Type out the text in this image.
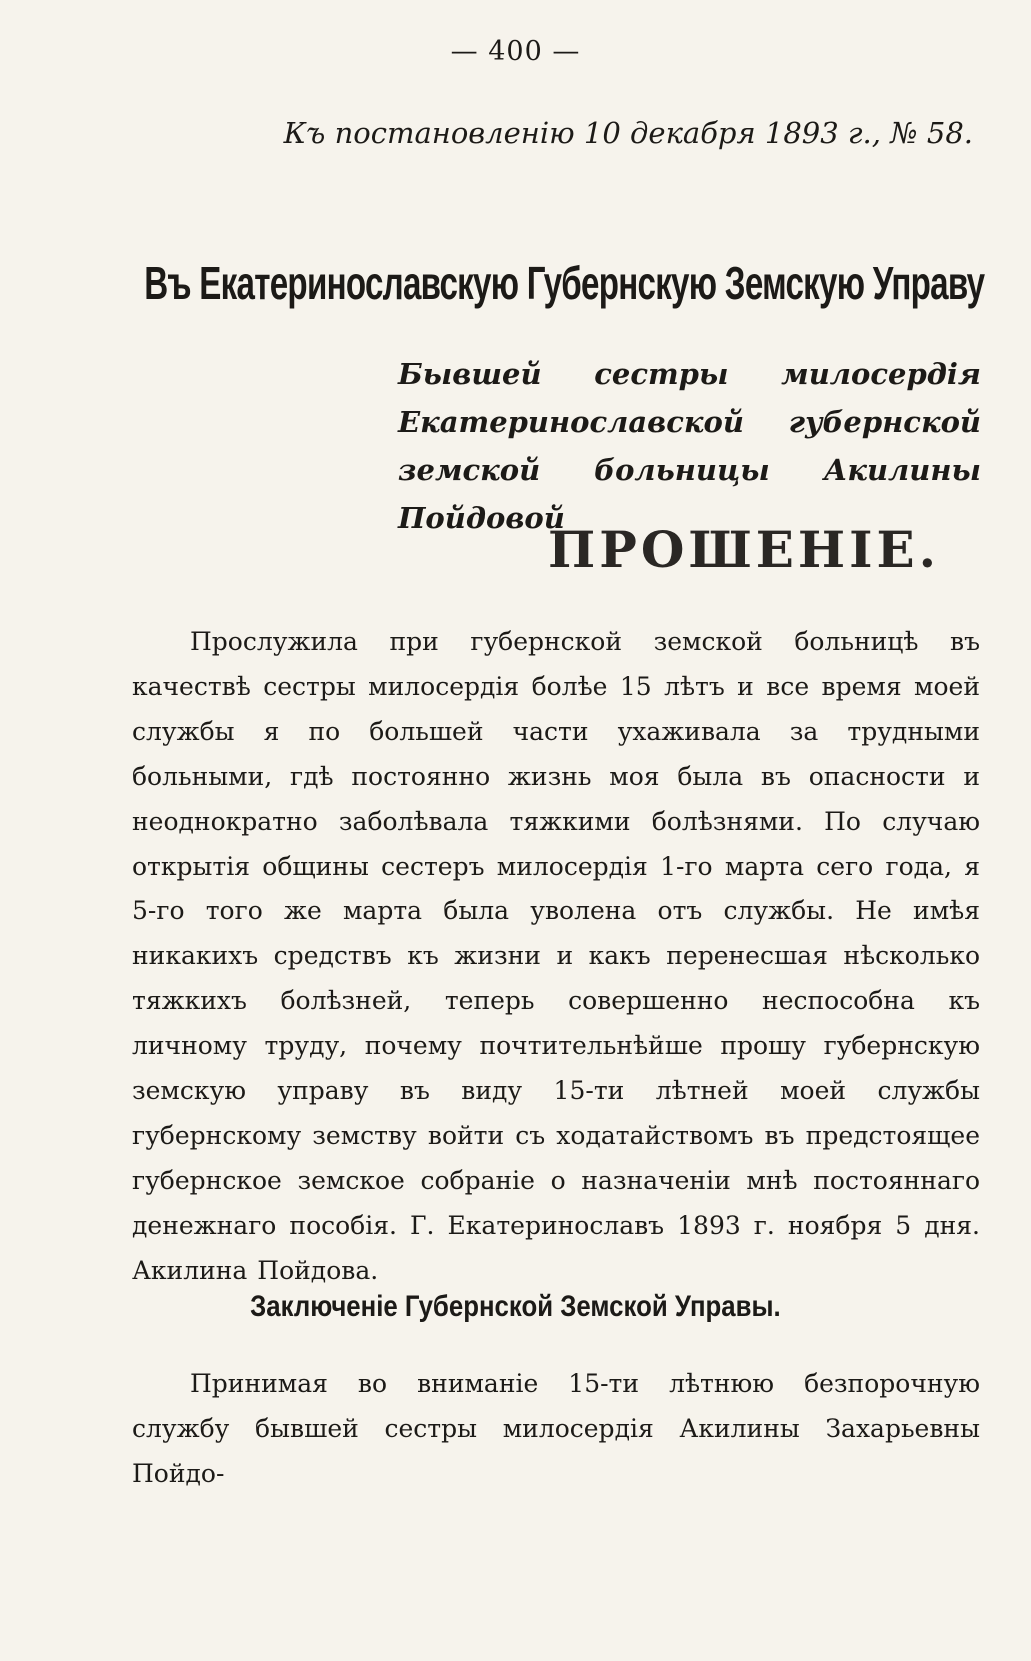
— 400 —
Къ постановленію 10 декабря 1893 г., № 58.
Въ Екатеринославскую Губернскую Земскую Управу
Бывшей сестры милосердія Екатеринославской губернской земской больницы Акилины Пойдовой
ПРОШЕНІЕ.
Прослужила при губернской земской больницѣ въ качествѣ сестры милосердія болѣе 15 лѣтъ и все время моей службы я по большей части ухаживала за трудными больными, гдѣ постоянно жизнь моя была въ опасности и неоднократно заболѣвала тяжкими болѣзнями. По случаю открытія общины сестеръ милосердія 1-го марта сего года, я 5-го того же марта была уволена отъ службы. Не имѣя никакихъ средствъ къ жизни и какъ перенесшая нѣсколько тяжкихъ болѣзней, теперь совершенно неспособна къ личному труду, почему почтительнѣйше прошу губернскую земскую управу въ виду 15-ти лѣтней моей службы губернскому земству войти съ ходатайствомъ въ предстоящее губернское земское собраніе о назначеніи мнѣ постояннаго денежнаго пособія. Г. Екатеринославъ 1893 г. ноября 5 дня. Акилина Пойдова.
Заключеніе Губернской Земской Управы.
Принимая во вниманіе 15-ти лѣтнюю безпорочную службу бывшей сестры милосердія Акилины Захарьевны Пойдо-
